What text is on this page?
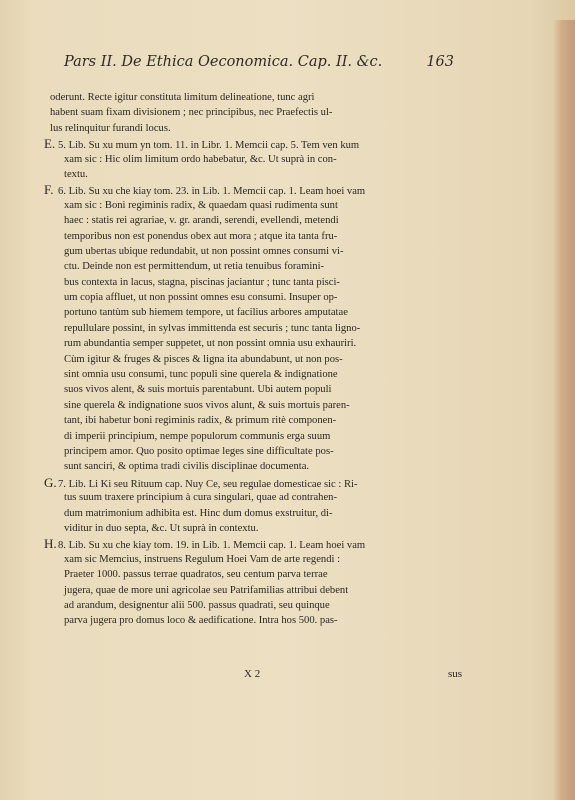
Pars II. De Ethica Oeconomica. Cap. II. &c.	163
oderunt. Recte igitur constituta limitum delineatione, tunc agri
habent suam fixam divisionem ; nec principibus, nec Praefectis ul-
lus relinquitur furandi locus.
E. 5. Lib. Su xu mum yn tom. 11. in Libr. 1. Memcii cap. 5. Tem ven kum
xam sic : Hic olim limitum ordo habebatur, &c. Ut suprà in con-
textu.
F. 6. Lib. Su xu che kiay tom. 23. in Lib. 1. Memcii cap. 1. Leam hoei vam
xam sic : Boni regiminis radix, & quaedam quasi rudimenta sunt
haec : statis rei agrariae, v. gr. arandi, serendi, evellendi, metendi
temporibus non est ponendus obex aut mora ; atque ita tanta fru-
gum ubertas ubique redundabit, ut non possint omnes consumi vi-
ctu. Deinde non est permittendum, ut retia tenuibus foramini-
bus contexta in lacus, stagna, piscinas jaciantur ; tunc tanta pisci-
um copia affluet, ut non possint omnes esu consumi. Insuper op-
portuno tantùm sub hiemem tempore, ut facilius arbores amputatae
repullulare possint, in sylvas immittenda est securis ; tunc tanta ligno-
rum abundantia semper suppetet, ut non possint omnia usu exhauriri.
Cùm igitur & fruges & pisces & ligna ita abundabunt, ut non pos-
sint omnia usu consumi, tunc populi sine querela & indignatione
suos vivos alent, & suis mortuis parentabunt. Ubi autem populi
sine querela & indignatione suos vivos alunt, & suis mortuis paren-
tant, ibi habetur boni regiminis radix, & primum ritè componen-
di imperii principium, nempe populorum communis erga suum
principem amor. Quo posito optimae leges sine difficultate pos-
sunt sanciri, & optima tradi civilis disciplinae documenta.
G.7. Lib. Li Ki seu Rituum cap. Nuy Ce, seu regulae domesticae sic : Ri-
tus suum traxere principium à cura singulari, quae ad contrahen-
dum matrimonium adhibita est. Hinc dum domus exstruitur, di-
viditur in duo septa, &c. Ut suprà in contextu.
H.8. Lib. Su xu che kiay tom. 19. in Lib. 1. Memcii cap. 1. Leam hoei vam
xam sic Memcius, instruens Regulum Hoei Vam de arte regendi :
Praeter 1000. passus terrae quadratos, seu centum parva terrae
jugera, quae de more uni agricolae seu Patrifamilias attribui debent
ad arandum, designentur alii 500. passus quadrati, seu quinque
parva jugera pro domus loco & aedificatione. Intra hos 500. pas-
X 2	sus
